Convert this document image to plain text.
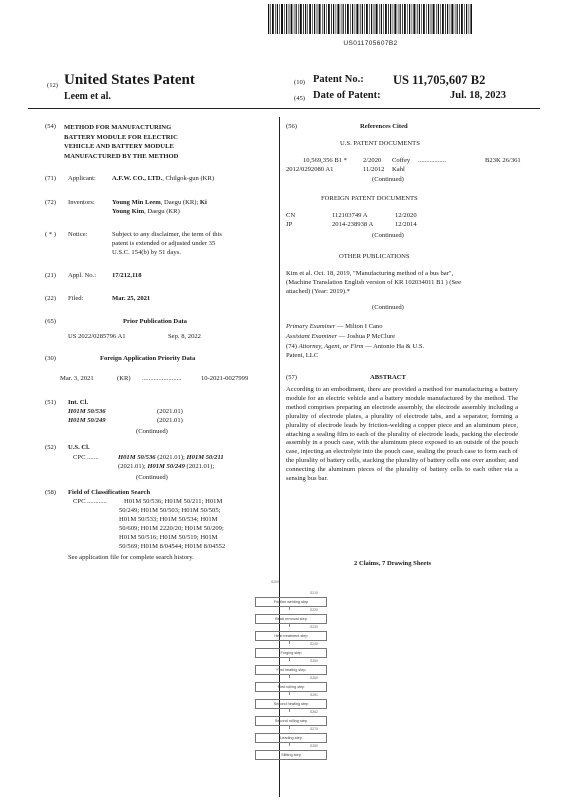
US011705607B2
(12) United States Patent
Leem et al.
(10) Patent No.: US 11,705,607 B2
(45) Date of Patent:	Jul. 18, 2023
(54) METHOD FOR MANUFACTURING
BATTERY MODULE FOR ELECTRIC
VEHICLE AND BATTERY MODULE
MANUFACTURED BY THE METHOD
(71) Applicant: A.F.W. CO., LTD., Chilgok-gun (KR)
(72) Inventors:	Young Min Leem, Daegu (KR); Ki
Young Kim, Daegu (KR)
( * ) Notice:	Subject to any disclaimer, the term of this
patent is extended or adjusted under 35
U.S.C. 154(b) by 51 days.
(21) Appl. No.: 17/212,118
(22) Filed:	Mar. 25, 2021
(65)	Prior Publication Data
US 2022/0285796 A1	Sep. 8, 2022
(30)	Foreign Application Priority Data
Mar. 3, 2021	(KR) ........................	10-2021-0027999
(51) Int. Cl.
H01M 50/536	(2021.01)
H01M 50/249	(2021.01)
(Continued)
(52) U.S. Cl.
CPC .......	H01M 50/536 (2021.01); H01M 50/211
(2021.01); H01M 50/249 (2021.01);
(Continued)
(58) Field of Classification Search
CPC ............	H01M 50/536; H01M 50/211; H01M
50/249; H01M 50/503; H01M 50/505;
H01M 50/533; H01M 50/534; H01M
50/609; H01M 2220/20; H01M 50/209;
H01M 50/516; H01M 50/519; H01M
50/569; H01M 8/04544; H01M 8/04552
See application file for complete search history.
(56)	References Cited
U.S. PATENT DOCUMENTS
10,569,356 B1 * 2/2020 Coffey .................	B23K 26/361
2012/0292080 A1	11/2012 Kahl
(Continued)
FOREIGN PATENT DOCUMENTS
CN	112103749 A	12/2020
JP	2014-238938 A	12/2014
(Continued)
OTHER PUBLICATIONS
Kim et al. Oct. 18, 2019, "Manufacturing method of a bus bar",
(Machine Translation English version of KR 102034011 B1 ) (See
attached) (Year: 2019).*
(Continued)
Primary Examiner — Milton I Cano
Assistant Examiner — Joshua P McClure
(74) Attorney, Agent, or Firm — Antonio Ha & U.S.
Patent, LLC
(57)	ABSTRACT
According to an embodiment, there are provided a method for manufacturing a battery module for an electric vehicle and a battery module manufactured by the method. The method comprises preparing an electrode assembly, the electrode assembly including a plurality of electrode plates, a plurality of electrode tabs, and a separator, forming a plurality of electrode leads by friction-welding a copper piece and an aluminum piece, attaching a sealing film to each of the plurality of electrode leads, packing the electrode assembly in a pouch case, with the aluminum piece exposed to an outside of the pouch case, injecting an electrolyte into the pouch case, sealing the pouch case to form each of the plurality of battery cells, stacking the plurality of battery cells one over another, and connecting the aluminum pieces of the plurality of battery cells to each other via a sensing bus bar.
2 Claims, 7 Drawing Sheets
S200
S210
Friction welding step
S220
Bead removal step
S230
Heat treatment step
S240
Forging step
S250
First heating step
S260
First rolling step
S261
Second heating step
S262
Second rolling step
S270
Leading step
S280
Slitting step
